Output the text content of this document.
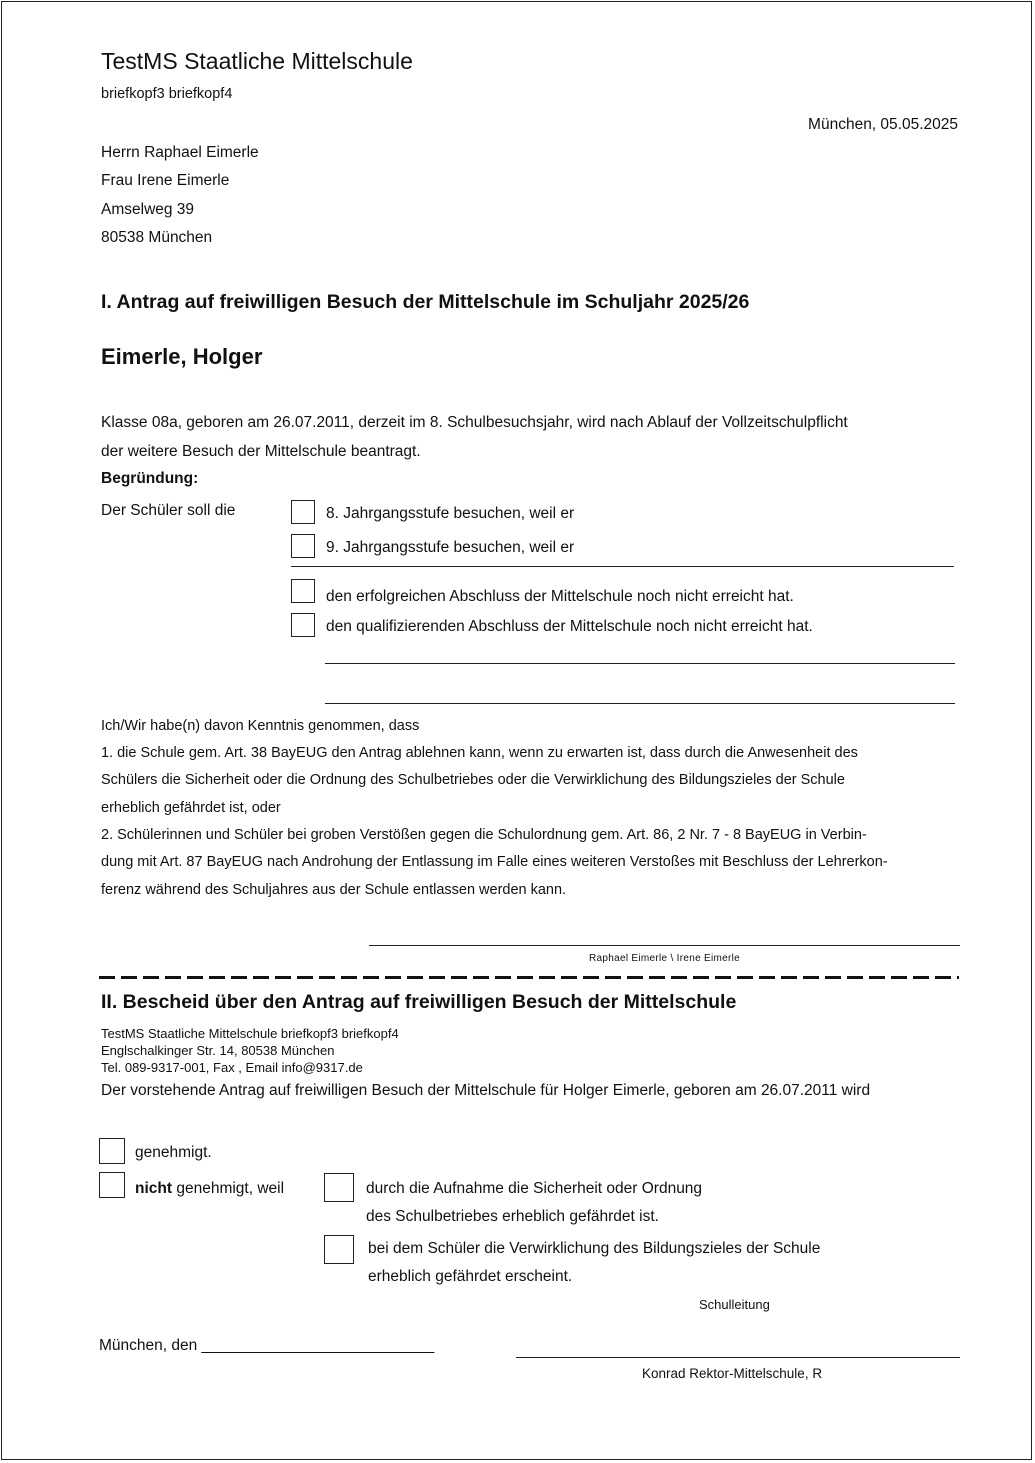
TestMS Staatliche Mittelschule
briefkopf3 briefkopf4
München, 05.05.2025
Herrn Raphael Eimerle
Frau Irene Eimerle
Amselweg 39
80538 München
I. Antrag auf freiwilligen Besuch der Mittelschule im Schuljahr 2025/26
Eimerle, Holger
Klasse 08a, geboren am 26.07.2011, derzeit im 8. Schulbesuchsjahr, wird nach Ablauf der Vollzeitschulpflicht
der weitere Besuch der Mittelschule beantragt.
Begründung:
Der Schüler soll die	8. Jahrgangsstufe besuchen, weil er
9. Jahrgangsstufe besuchen, weil er
den erfolgreichen Abschluss der Mittelschule noch nicht erreicht hat.
den qualifizierenden Abschluss der Mittelschule noch nicht erreicht hat.
Ich/Wir habe(n) davon Kenntnis genommen, dass
1. die Schule gem. Art. 38 BayEUG den Antrag ablehnen kann, wenn zu erwarten ist, dass durch die Anwesenheit des
Schülers die Sicherheit oder die Ordnung des Schulbetriebes oder die Verwirklichung des Bildungszieles der Schule
erheblich gefährdet ist, oder
2. Schülerinnen und Schüler bei groben Verstößen gegen die Schulordnung gem. Art. 86, 2 Nr. 7 - 8 BayEUG in Verbin-
dung mit Art. 87 BayEUG nach Androhung der Entlassung im Falle eines weiteren Verstoßes mit Beschluss der Lehrerkon-
ferenz während des Schuljahres aus der Schule entlassen werden kann.
Raphael Eimerle \ Irene Eimerle
II. Bescheid über den Antrag auf freiwilligen Besuch der Mittelschule
TestMS Staatliche Mittelschule briefkopf3 briefkopf4
Englschalkinger Str. 14, 80538 München
Tel. 089-9317-001, Fax , Email info@9317.de
Der vorstehende Antrag auf freiwilligen Besuch der Mittelschule für Holger Eimerle, geboren am 26.07.2011 wird
genehmigt.
nicht genehmigt, weil	durch die Aufnahme die Sicherheit oder Ordnung
des Schulbetriebes erheblich gefährdet ist.
bei dem Schüler die Verwirklichung des Bildungszieles der Schule
erheblich gefährdet erscheint.
Schulleitung
München, den ___________________________
Konrad Rektor-Mittelschule, R
